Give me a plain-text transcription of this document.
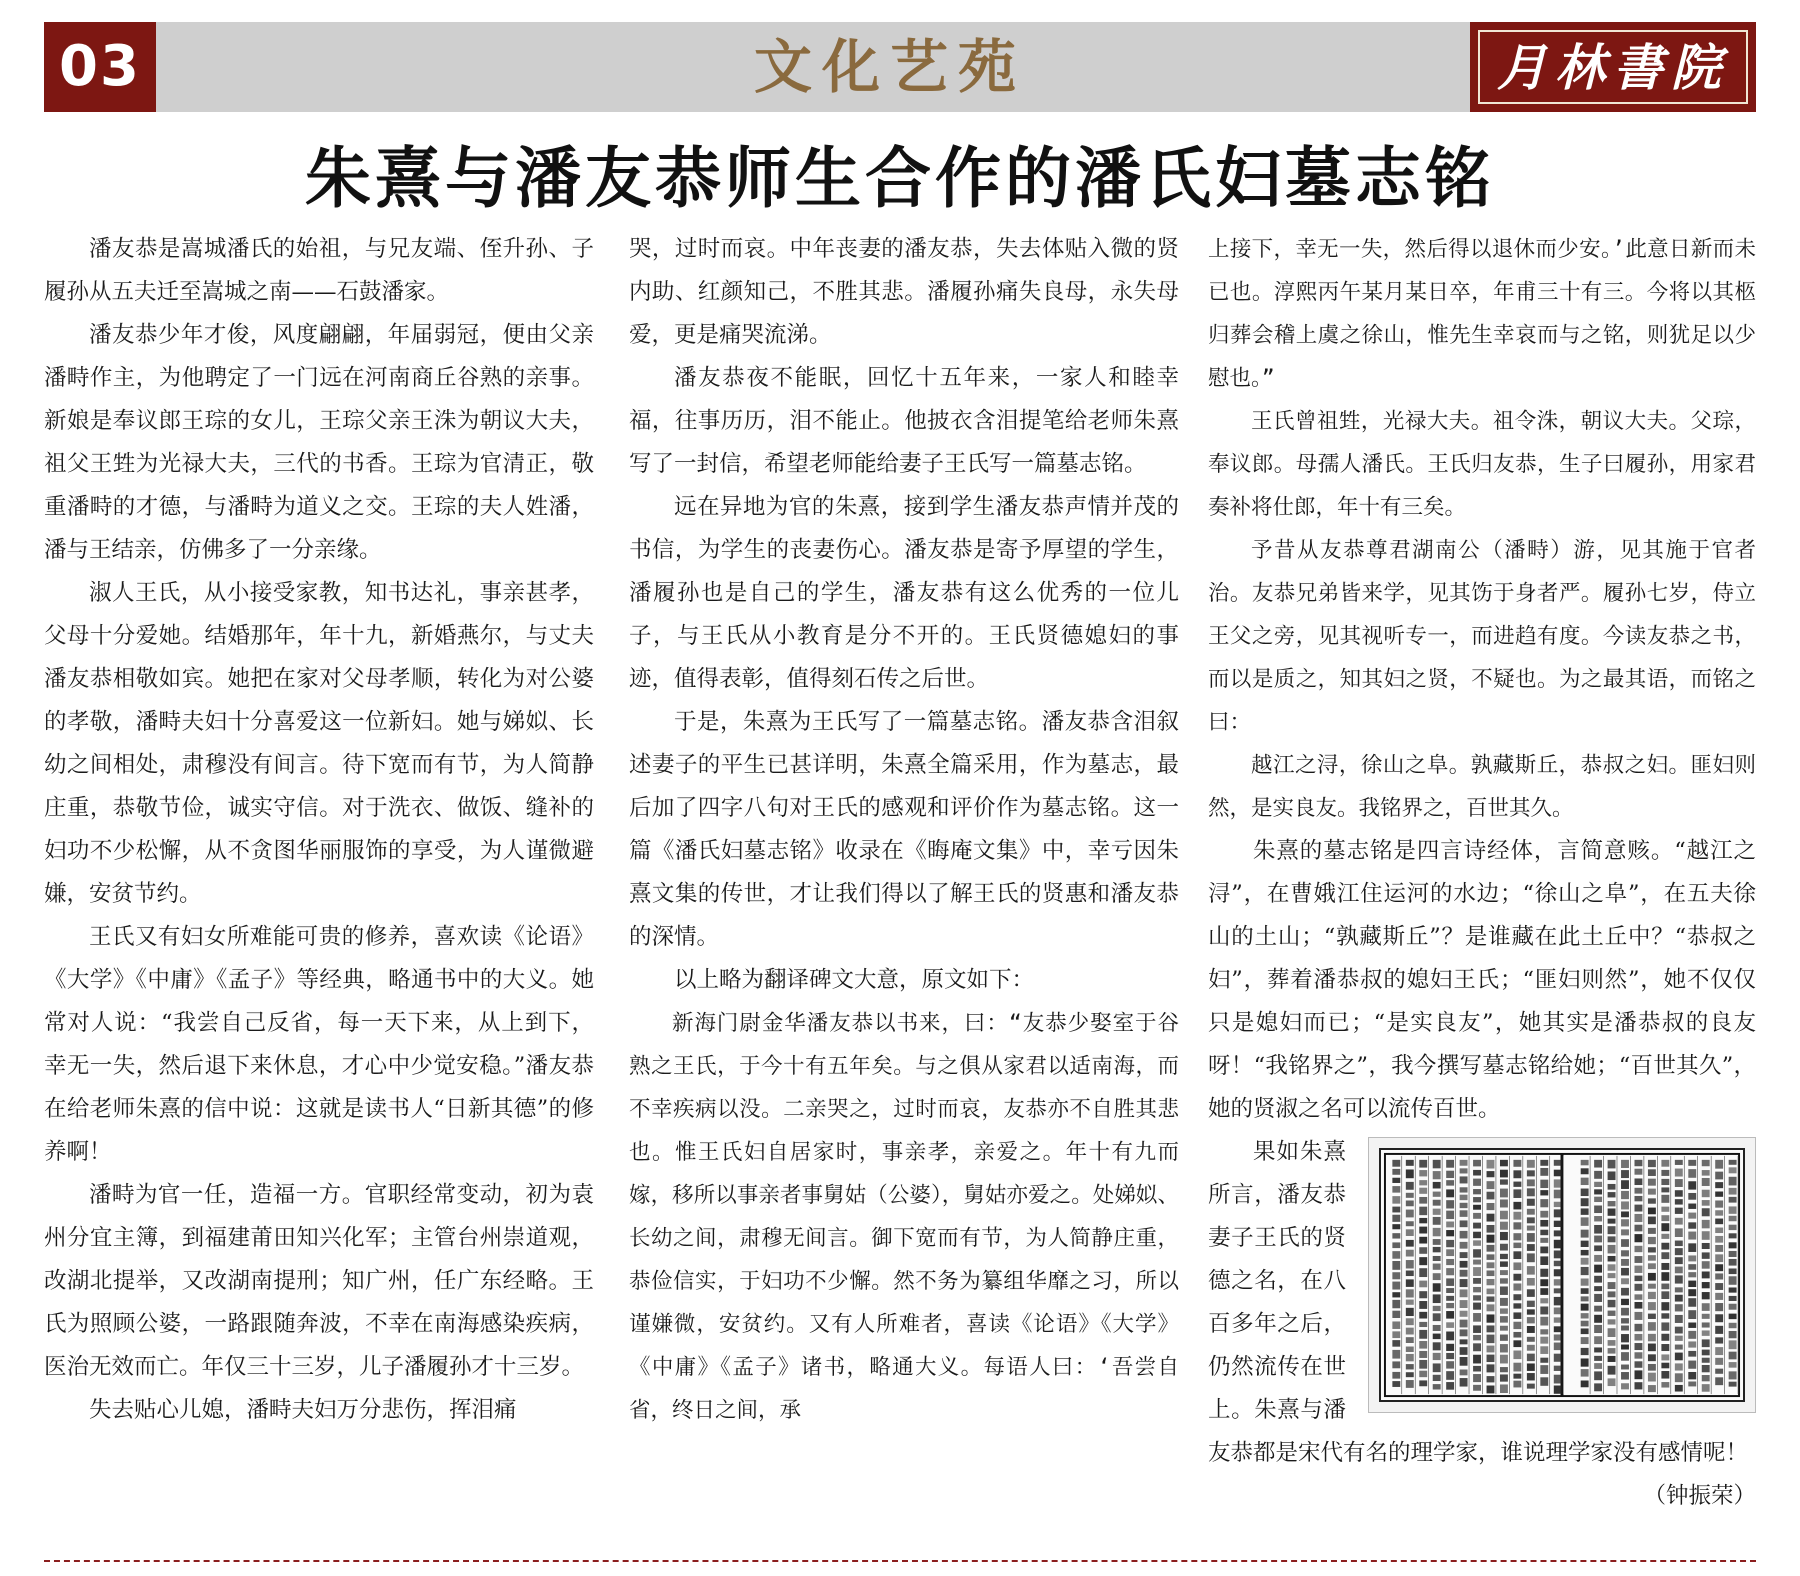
03	文化艺苑	月林書院
朱熹与潘友恭师生合作的潘氏妇墓志铭

潘友恭是嵩城潘氏的始祖，与兄友端、侄升孙、子履孙从五夫迁至嵩城之南——石鼓潘家。

潘友恭少年才俊，风度翩翩，年届弱冠，便由父亲潘畤作主，为他聘定了一门远在河南商丘谷熟的亲事。新娘是奉议郎王琮的女儿，王琮父亲王洙为朝议大夫，祖父王甡为光禄大夫，三代的书香。王琮为官清正，敬重潘畤的才德，与潘畤为道义之交。王琮的夫人姓潘，潘与王结亲，仿佛多了一分亲缘。

淑人王氏，从小接受家教，知书达礼，事亲甚孝，父母十分爱她。结婚那年，年十九，新婚燕尔，与丈夫潘友恭相敬如宾。她把在家对父母孝顺，转化为对公婆的孝敬，潘畤夫妇十分喜爱这一位新妇。她与娣姒、长幼之间相处，肃穆没有间言。待下宽而有节，为人简静庄重，恭敬节俭，诚实守信。对于洗衣、做饭、缝补的妇功不少松懈，从不贪图华丽服饰的享受，为人谨微避嫌，安贫节约。

王氏又有妇女所难能可贵的修养，喜欢读《论语》《大学》《中庸》《孟子》等经典，略通书中的大义。她常对人说：“我尝自己反省，每一天下来，从上到下，幸无一失，然后退下来休息，才心中少觉安稳。”潘友恭在给老师朱熹的信中说：这就是读书人“日新其德”的修养啊！

潘畤为官一任，造福一方。官职经常变动，初为袁州分宜主簿，到福建莆田知兴化军；主管台州崇道观，改湖北提举，又改湖南提刑；知广州，任广东经略。王氏为照顾公婆，一路跟随奔波，不幸在南海感染疾病，医治无效而亡。年仅三十三岁，儿子潘履孙才十三岁。

失去贴心儿媳，潘畤夫妇万分悲伤，挥泪痛

哭，过时而哀。中年丧妻的潘友恭，失去体贴入微的贤内助、红颜知己，不胜其悲。潘履孙痛失良母，永失母爱，更是痛哭流涕。

潘友恭夜不能眠，回忆十五年来，一家人和睦幸福，往事历历，泪不能止。他披衣含泪提笔给老师朱熹写了一封信，希望老师能给妻子王氏写一篇墓志铭。

远在异地为官的朱熹，接到学生潘友恭声情并茂的书信，为学生的丧妻伤心。潘友恭是寄予厚望的学生，潘履孙也是自己的学生，潘友恭有这么优秀的一位儿子，与王氏从小教育是分不开的。王氏贤德媳妇的事迹，值得表彰，值得刻石传之后世。

于是，朱熹为王氏写了一篇墓志铭。潘友恭含泪叙述妻子的平生已甚详明，朱熹全篇采用，作为墓志，最后加了四字八句对王氏的感观和评价作为墓志铭。这一篇《潘氏妇墓志铭》收录在《晦庵文集》中，幸亏因朱熹文集的传世，才让我们得以了解王氏的贤惠和潘友恭的深情。

以上略为翻译碑文大意，原文如下：

新海门尉金华潘友恭以书来，曰：“友恭少娶室于谷熟之王氏，于今十有五年矣。与之俱从家君以适南海，而不幸疾病以没。二亲哭之，过时而哀，友恭亦不自胜其悲也。惟王氏妇自居家时，事亲孝，亲爱之。年十有九而嫁，移所以事亲者事舅姑（公婆），舅姑亦爱之。处娣姒、长幼之间，肃穆无间言。御下宽而有节，为人简静庄重，恭俭信实，于妇功不少懈。然不务为纂组华靡之习，所以谨嫌微，安贫约。又有人所难者，喜读《论语》《大学》《中庸》《孟子》诸书，略通大义。每语人曰：‘吾尝自省，终日之间，承

上接下，幸无一失，然后得以退休而少安。’此意日新而未已也。淳熙丙午某月某日卒，年甫三十有三。今将以其柩归葬会稽上虞之徐山，惟先生幸哀而与之铭，则犹足以少慰也。”

王氏曾祖甡，光禄大夫。祖令洙，朝议大夫。父琮，奉议郎。母孺人潘氏。王氏归友恭，生子曰履孙，用家君奏补将仕郎，年十有三矣。

予昔从友恭尊君湖南公（潘畤）游，见其施于官者治。友恭兄弟皆来学，见其饬于身者严。履孙七岁，侍立王父之旁，见其视听专一，而进趋有度。今读友恭之书，而以是质之，知其妇之贤，不疑也。为之最其语，而铭之曰：

越江之浔，徐山之阜。孰藏斯丘，恭叔之妇。匪妇则然，是实良友。我铭界之，百世其久。

朱熹的墓志铭是四言诗经体，言简意赅。“越江之浔”，在曹娥江住运河的水边；“徐山之阜”，在五夫徐山的土山；“孰藏斯丘”？是谁藏在此土丘中？“恭叔之妇”，葬着潘恭叔的媳妇王氏；“匪妇则然”，她不仅仅只是媳妇而已；“是实良友”，她其实是潘恭叔的良友呀！“我铭界之”，我今撰写墓志铭给她；“百世其久”，她的贤淑之名可以流传百世。

果如朱熹所言，潘友恭妻子王氏的贤德之名，在八百多年之后，仍然流传在世上。朱熹与潘友恭都是宋代有名的理学家，谁说理学家没有感情呢！

（钟振荣）
